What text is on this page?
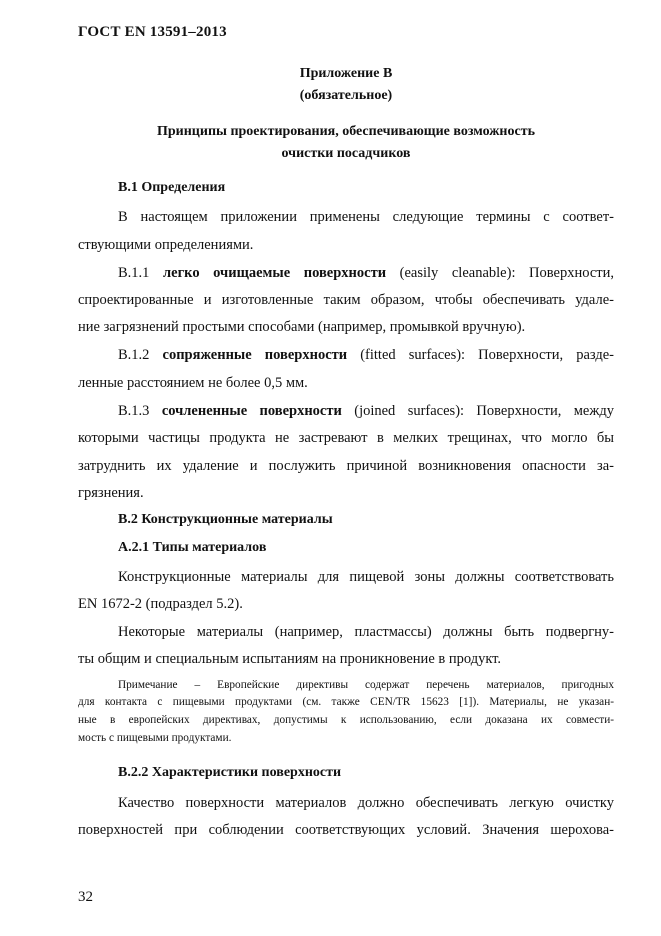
ГОСТ EN 13591–2013
Приложение В
(обязательное)
Принципы проектирования, обеспечивающие возможность
очистки посадчиков
В.1 Определения
В настоящем приложении применены следующие термины с соответ-
ствующими определениями.
В.1.1 легко очищаемые поверхности (easily cleanable): Поверхности,
спроектированные и изготовленные таким образом, чтобы обеспечивать удале-
ние загрязнений простыми способами (например, промывкой вручную).
В.1.2 сопряженные поверхности (fitted surfaces): Поверхности, разде-
ленные расстоянием не более 0,5 мм.
В.1.3 сочлененные поверхности (joined surfaces): Поверхности, между
которыми частицы продукта не застревают в мелких трещинах, что могло бы
затруднить их удаление и послужить причиной возникновения опасности за-
грязнения.
В.2 Конструкционные материалы
А.2.1 Типы материалов
Конструкционные материалы для пищевой зоны должны соответствовать
EN 1672-2 (подраздел 5.2).
Некоторые материалы (например, пластмассы) должны быть подвергну-
ты общим и специальным испытаниям на проникновение в продукт.
Примечание – Европейские директивы содержат перечень материалов, пригодных
для контакта с пищевыми продуктами (см. также CEN/TR 15623 [1]). Материалы, не указан-
ные в европейских директивах, допустимы к использованию, если доказана их совмести-
мость с пищевыми продуктами.
В.2.2 Характеристики поверхности
Качество поверхности материалов должно обеспечивать легкую очистку
поверхностей при соблюдении соответствующих условий. Значения шерохова-
32
